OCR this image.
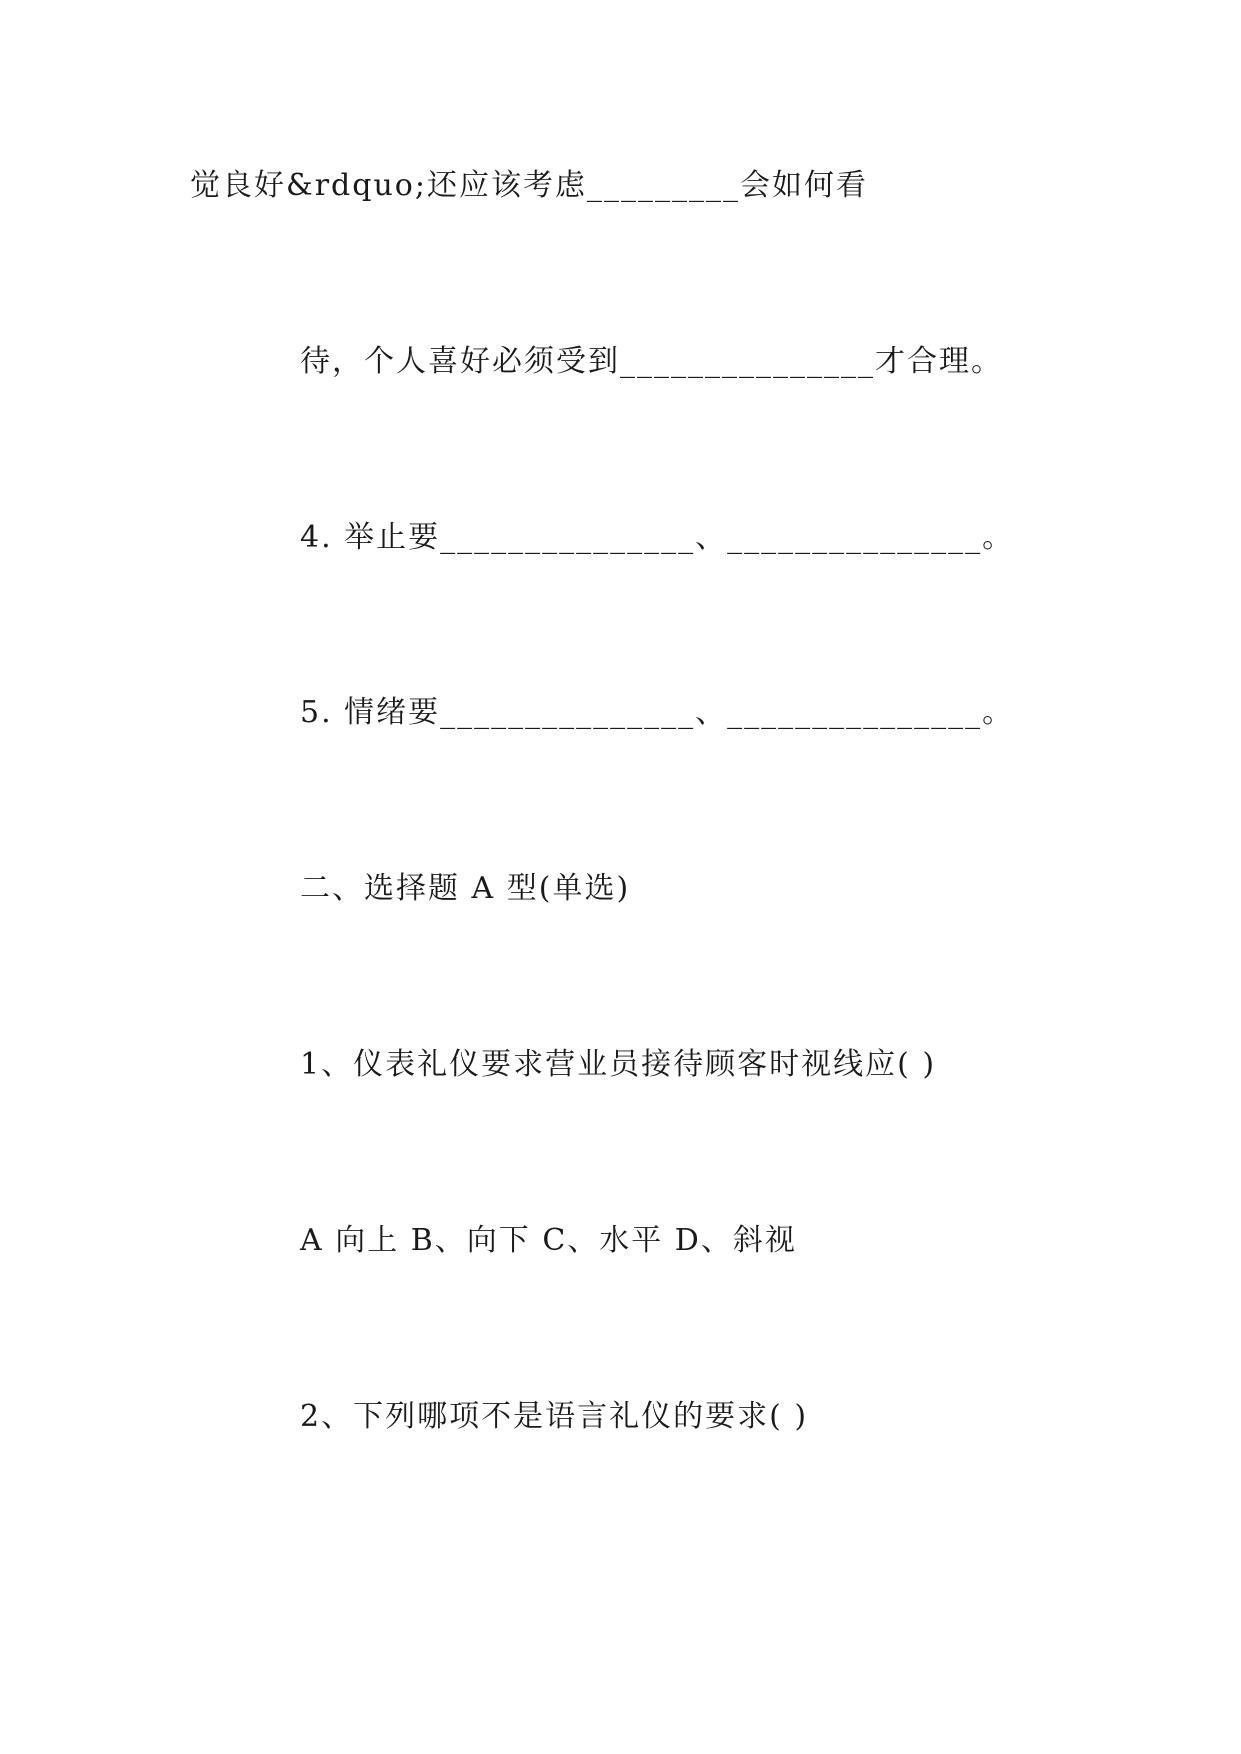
觉良好&rdquo;还应该考虑_________会如何看
待，个人喜好必须受到_______________才合理。
4. 举止要_______________、_______________。
5. 情绪要_______________、_______________。
二、选择题 A 型(单选)
1、仪表礼仪要求营业员接待顾客时视线应( )
A 向上 B、向下 C、水平 D、斜视
2、下列哪项不是语言礼仪的要求( )
